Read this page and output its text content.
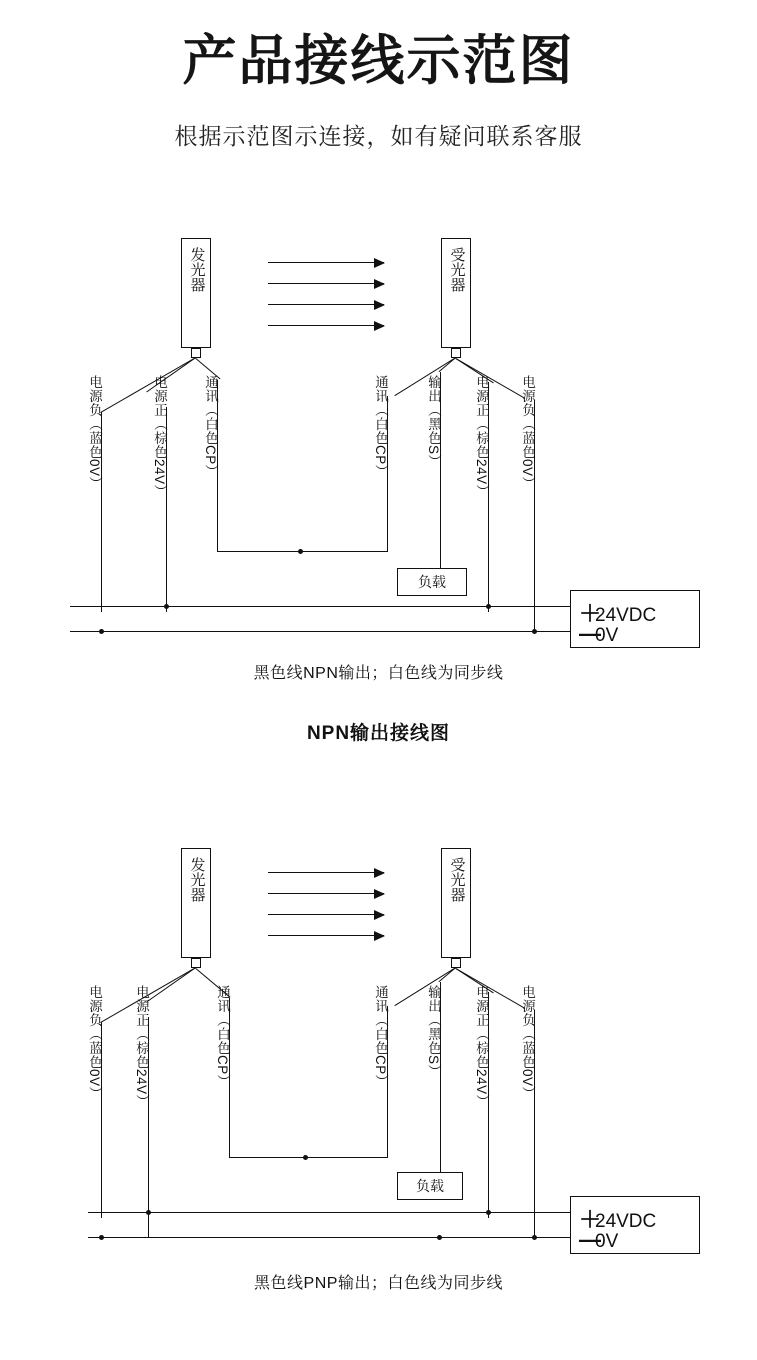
产品接线示范图
根据示范图示连接，如有疑问联系客服
发光器	受光器
电源负（蓝色0V）	电源正（棕色24V）	通讯（白色CP）	通讯（白色CP）	输出（黑色S） 电源正（棕色24V） 电源负（蓝色0V）
负载
＋24VDC
—0V
黑色线NPN输出；白色线为同步线
NPN输出接线图
发光器	受光器
电源负（蓝色0V） 电源正（棕色24V）	通讯（白色CP）	通讯（白色CP）	输出（黑色S） 电源正（棕色24V） 电源负（蓝色0V）
负载
＋24VDC
—0V
黑色线PNP输出；白色线为同步线
